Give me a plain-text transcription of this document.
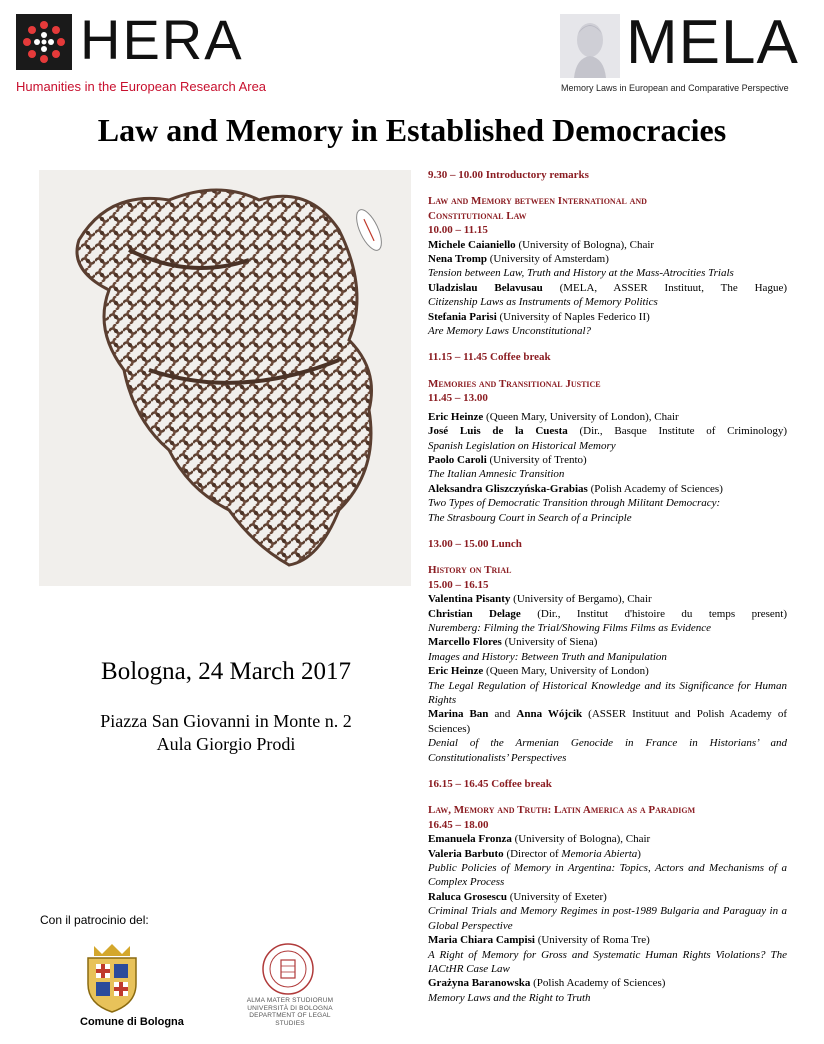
HERA
Humanities in the European Research Area
MELA
Memory Laws in European and Comparative Perspective
Law and Memory in Established Democracies
Bologna, 24 March 2017
Piazza San Giovanni in Monte n. 2
Aula Giorgio Prodi
Con il patrocinio del:
Comune di Bologna
ALMA MATER STUDIORUM
UNIVERSITÀ DI BOLOGNA
DEPARTMENT OF LEGAL STUDIES
9.30 – 10.00 Introductory remarks
Law and Memory between International and
Constitutional Law
10.00 – 11.15
Michele Caianiello (University of Bologna), Chair
Nena Tromp (University of Amsterdam)
Tension between Law, Truth and History at the Mass-Atrocities Trials
Uladzislau Belavusau (MELA, ASSER Instituut, The Hague)
Citizenship Laws as Instruments of Memory Politics
Stefania Parisi (University of Naples Federico II)
Are Memory Laws Unconstitutional?
11.15 – 11.45 Coffee break
Memories and Transitional Justice
11.45 – 13.00
Eric Heinze (Queen Mary, University of London), Chair
José Luis de la Cuesta (Dir., Basque Institute of Criminology)
Spanish Legislation on Historical Memory
Paolo Caroli (University of Trento)
The Italian Amnesic Transition
Aleksandra Gliszczyńska-Grabias (Polish Academy of Sciences)
Two Types of Democratic Transition through Militant Democracy:
The Strasbourg Court in Search of a Principle
13.00 – 15.00 Lunch
History on Trial
15.00 – 16.15
Valentina Pisanty (University of Bergamo), Chair
Christian Delage (Dir., Institut d'histoire du temps present)
Nuremberg: Filming the Trial/Showing Films Films as Evidence
Marcello Flores (University of Siena)
Images and History: Between Truth and Manipulation
Eric Heinze (Queen Mary, University of London)
The Legal Regulation of Historical Knowledge and its Significance for Human Rights
Marina Ban and Anna Wójcik (ASSER Instituut and Polish Academy of Sciences)
Denial of the Armenian Genocide in France in Historians’ and Constitutionalists’ Perspectives
16.15 – 16.45 Coffee break
Law, Memory and Truth: Latin America as a Paradigm
16.45 – 18.00
Emanuela Fronza (University of Bologna), Chair
Valeria Barbuto (Director of Memoria Abierta)
Public Policies of Memory in Argentina: Topics, Actors and Mechanisms of a Complex Process
Raluca Grosescu (University of Exeter)
Criminal Trials and Memory Regimes in post-1989 Bulgaria and Paraguay in a Global Perspective
Maria Chiara Campisi (University of Roma Tre)
A Right of Memory for Gross and Systematic Human Rights Violations? The IACtHR Case Law
Grażyna Baranowska (Polish Academy of Sciences)
Memory Laws and the Right to Truth
